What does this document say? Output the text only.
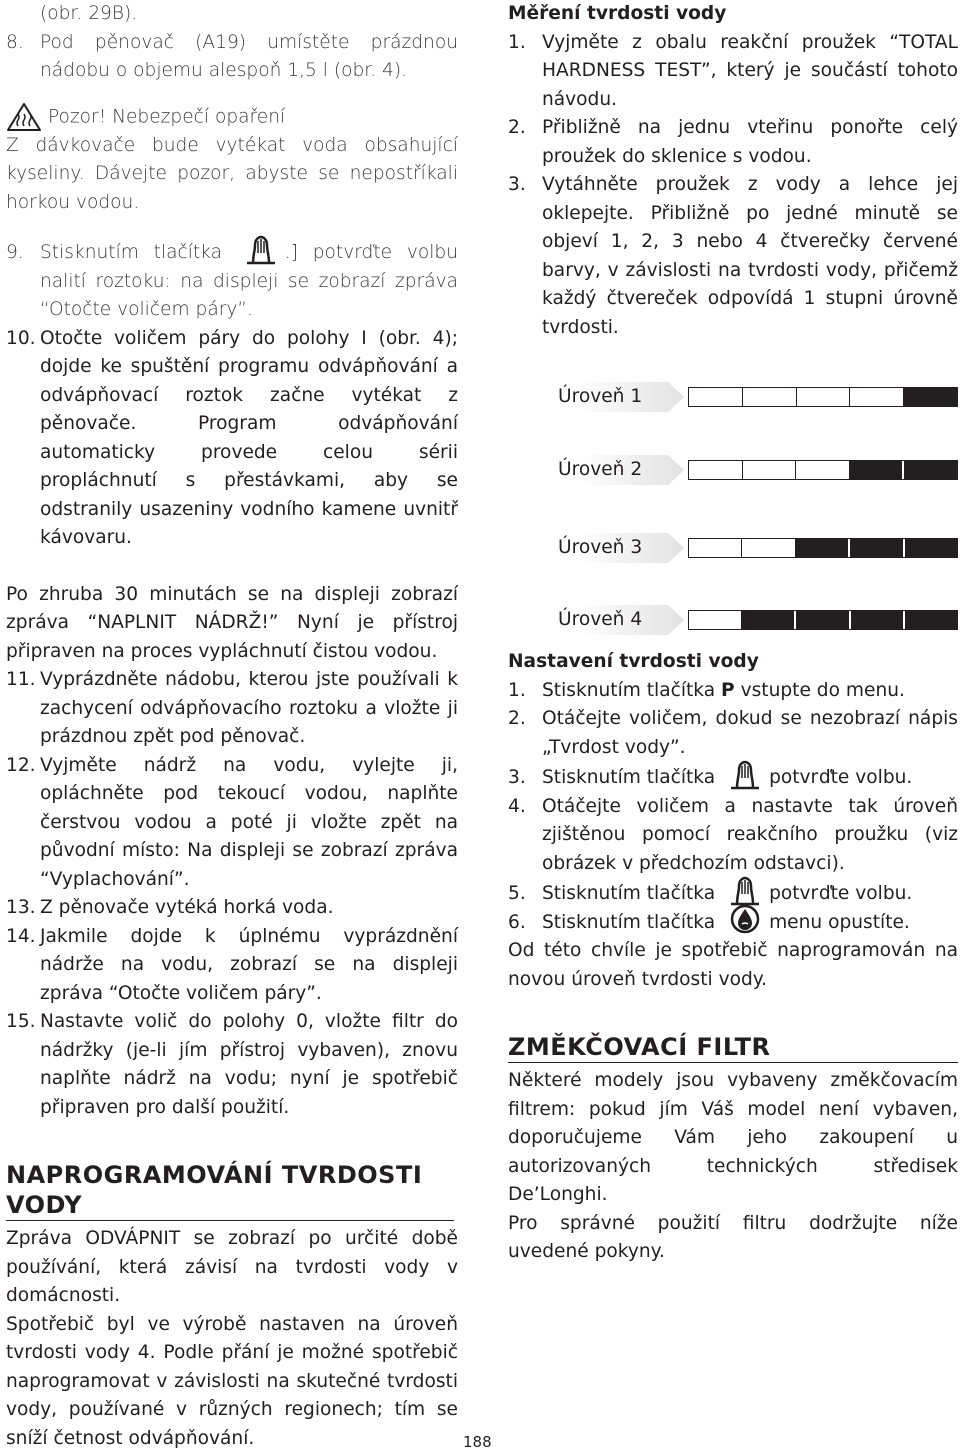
(obr. 29B).

8. Pod pěnovač (A19) umístěte prázdnou nádobu o objemu alespoň 1,5 l (obr. 4).
Pozor! Nebezpečí opaření

Z dávkovače bude vytékat voda obsahující kyseliny. Dávejte pozor, abyste se nepostříkali horkou vodou.

9. Stisknutím tlačítka	.] potvrďte volbu nalití roztoku: na displeji se zobrazí zpráva “Otočte voličem páry”.
10. Otočte voličem páry do polohy I (obr. 4); dojde ke spuštění programu odvápňování a odvápňovací roztok začne vytékat z pěnovače. Program odvápňování automaticky provede celou sérii propláchnutí s přestávkami, aby se odstranily usazeniny vodního kamene uvnitř kávovaru.

Po zhruba 30 minutách se na displeji zobrazí zpráva “NAPLNIT NÁDRŽ!” Nyní je přístroj připraven na proces vypláchnutí čistou vodou.

11. Vyprázdněte nádobu, kterou jste používali k zachycení odvápňovacího roztoku a vložte ji prázdnou zpět pod pěnovač.
12. Vyjměte nádrž na vodu, vylejte ji, opláchněte pod tekoucí vodou, naplňte čerstvou vodou a poté ji vložte zpět na původní místo: Na displeji se zobrazí zpráva “Vyplachování”.
13. Z pěnovače vytéká horká voda.
14. Jakmile dojde k úplnému vyprázdnění nádrže na vodu, zobrazí se na displeji zpráva “Otočte voličem páry”.
15. Nastavte volič do polohy 0, vložte filtr do nádržky (je-li jím přístroj vybaven), znovu naplňte nádrž na vodu; nyní je spotřebič připraven pro další použití.
NAPROGRAMOVÁNÍ TVRDOSTI VODY

Zpráva ODVÁPNIT se zobrazí po určité době používání, která závisí na tvrdosti vody v domácnosti.

Spotřebič byl ve výrobě nastaven na úroveň tvrdosti vody 4. Podle přání je možné spotřebič naprogramovat v závislosti na skutečné tvrdosti vody, používané v různých regionech; tím se sníží četnost odvápňování.

Měření tvrdosti vody

1. Vyjměte z obalu reakční proužek “TOTAL HARDNESS TEST”, který je součástí tohoto návodu.
2. Přibližně na jednu vteřinu ponořte celý proužek do sklenice s vodou.
3. Vytáhněte proužek z vody a lehce jej oklepejte. Přibližně po jedné minutě se objeví 1, 2, 3 nebo 4 čtverečky červené barvy, v závislosti na tvrdosti vody, přičemž každý čtvereček odpovídá 1 stupni úrovně tvrdosti.
Úroveň 1
Úroveň 2
Úroveň 3
Úroveň 4

Nastavení tvrdosti vody

1. Stisknutím tlačítka P vstupte do menu.
2. Otáčejte voličem, dokud se nezobrazí nápis „Tvrdost vody”.
3. Stisknutím tlačítka	potvrďte volbu.
4. Otáčejte voličem a nastavte tak úroveň zjištěnou pomocí reakčního proužku (viz obrázek v předchozím odstavci).
5. Stisknutím tlačítka	potvrďte volbu.
6. Stisknutím tlačítka	menu opustíte.

Od této chvíle je spotřebič naprogramován na novou úroveň tvrdosti vody.

ZMĚKČOVACÍ FILTR

Některé modely jsou vybaveny změkčovacím filtrem: pokud jím Váš model není vybaven, doporučujeme Vám jeho zakoupení u autorizovaných technických středisek De’Longhi.

Pro správné použití filtru dodržujte níže uvedené pokyny.

188
